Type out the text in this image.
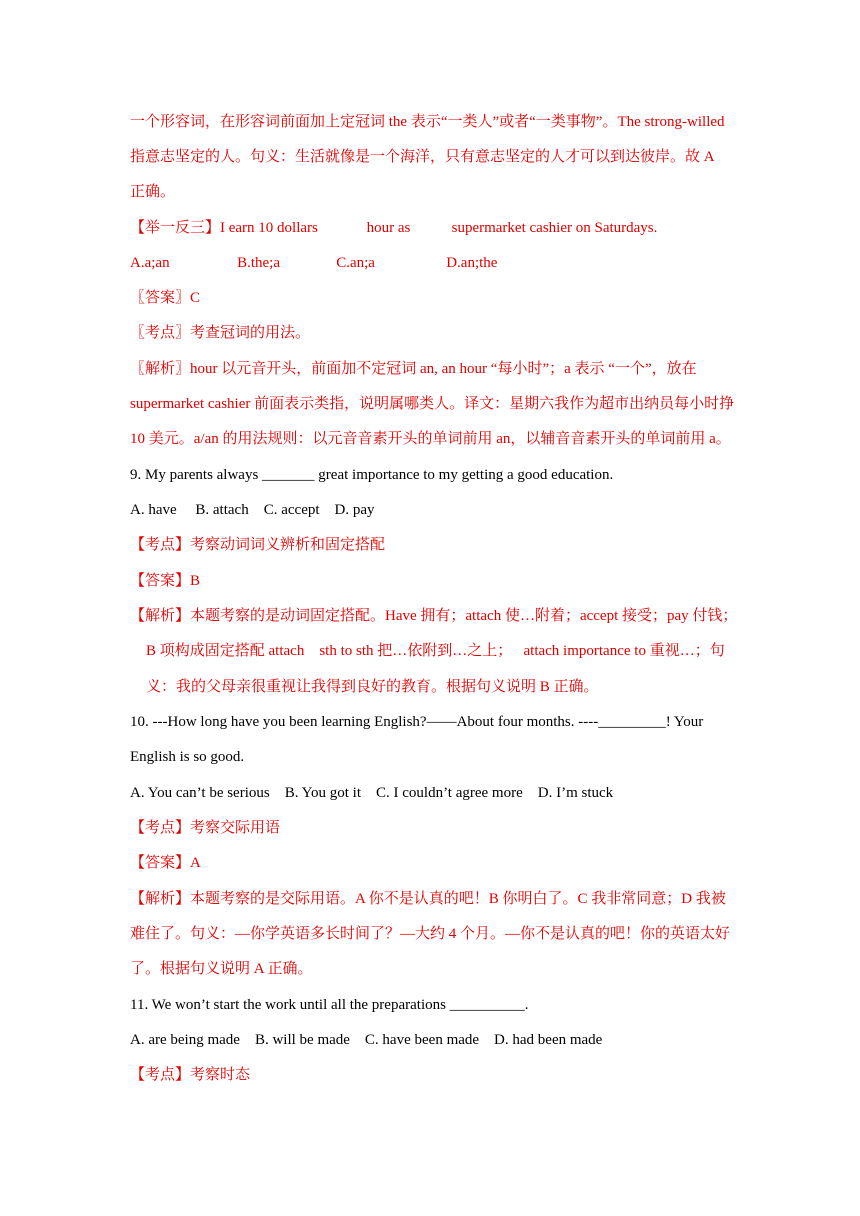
一个形容词，在形容词前面加上定冠词 the 表示“一类人”或者“一类事物”。The strong-willed
指意志坚定的人。句义：生活就像是一个海洋，只有意志坚定的人才可以到达彼岸。故 A
正确。
【举一反三】I earn 10 dollars             hour as           supermarket cashier on Saturdays.
A.a;an                  B.the;a               C.an;a                   D.an;the
〖答案〗C
〖考点〗考查冠词的用法。
〖解析〗hour 以元音开头，前面加不定冠词 an, an hour “每小时”；a 表示 “一个”，放在
supermarket cashier 前面表示类指，说明属哪类人。译文：星期六我作为超市出纳员每小时挣
10 美元。a/an 的用法规则：以元音音素开头的单词前用 an，以辅音音素开头的单词前用 a。
9. My parents always _______ great importance to my getting a good education.
A. have     B. attach    C. accept    D. pay
【考点】考察动词词义辨析和固定搭配
【答案】B
【解析】本题考察的是动词固定搭配。Have 拥有；attach 使…附着；accept 接受；pay 付钱；
B 项构成固定搭配 attach    sth to sth 把…依附到…之上；   attach importance to 重视…；句
义：我的父母亲很重视让我得到良好的教育。根据句义说明 B 正确。
10. ---How long have you been learning English?——About four months. ----_________! Your
English is so good.
A. You can’t be serious    B. You got it    C. I couldn’t agree more    D. I’m stuck
【考点】考察交际用语
【答案】A
【解析】本题考察的是交际用语。A 你不是认真的吧！B 你明白了。C 我非常同意；D 我被
难住了。句义：—你学英语多长时间了？—大约 4 个月。—你不是认真的吧！你的英语太好
了。根据句义说明 A 正确。
11. We won’t start the work until all the preparations __________.
A. are being made    B. will be made    C. have been made    D. had been made
【考点】考察时态
